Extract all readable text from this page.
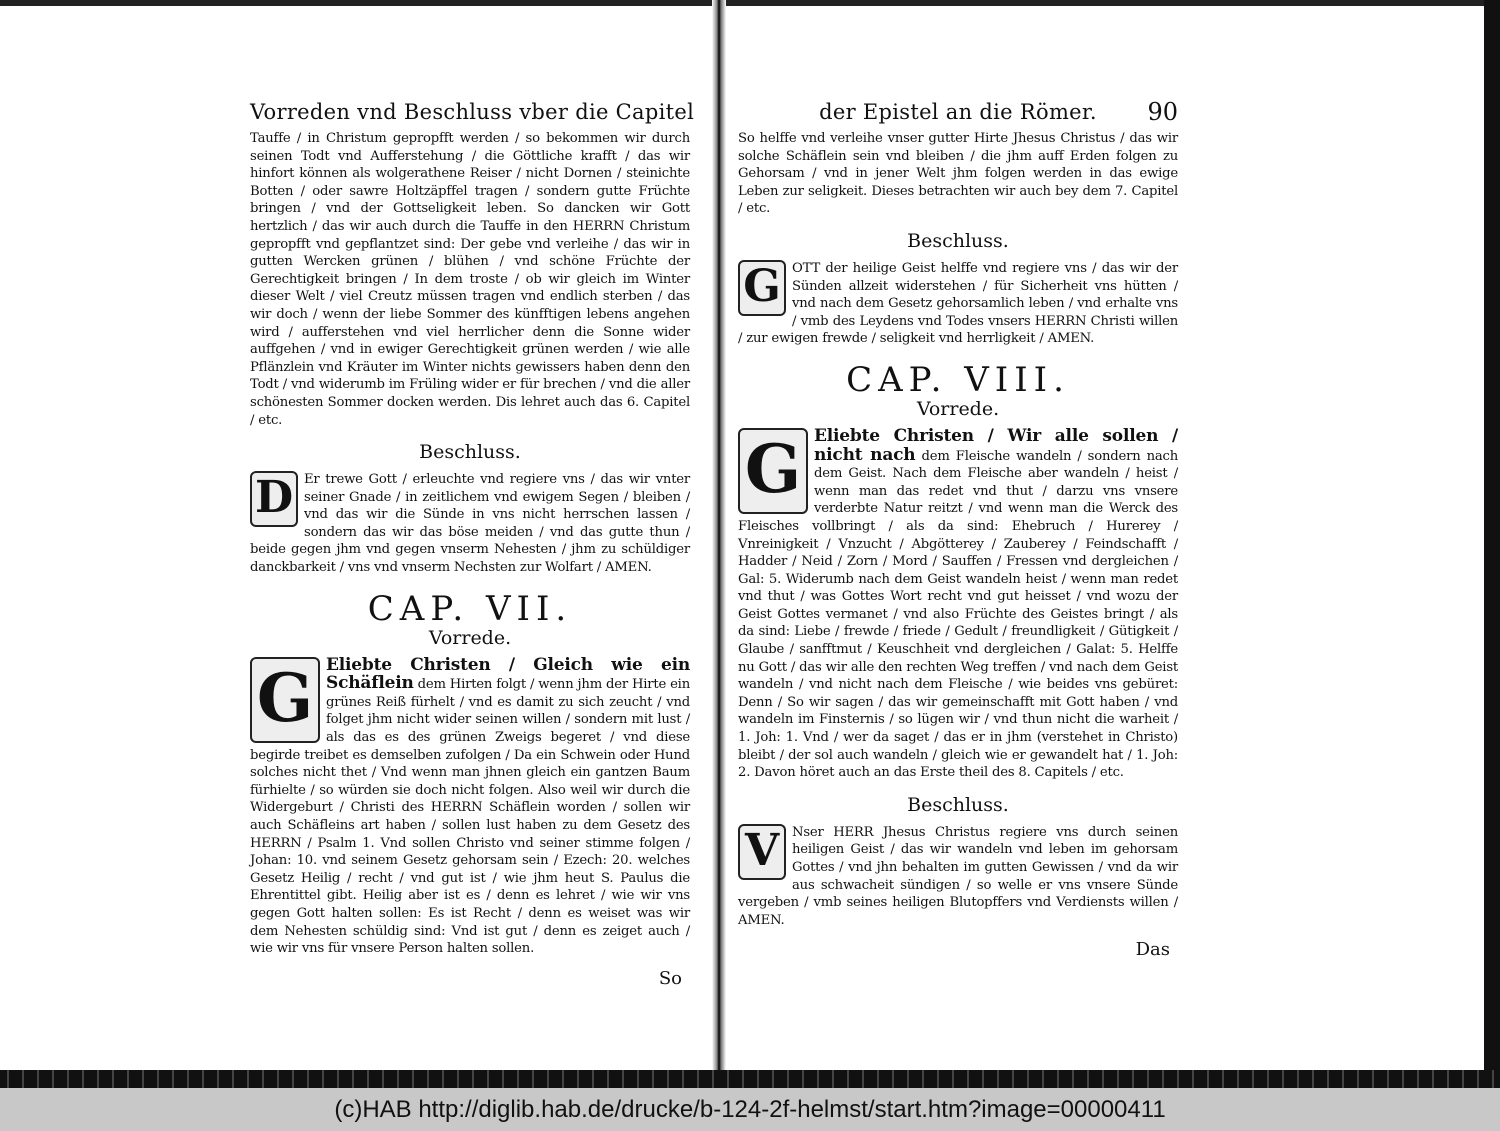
Vorreden vnd Beschluss vber die Capitel

Tauffe / in Christum gepropfft werden / so bekommen wir durch seinen Todt vnd Aufferstehung / die Göttliche krafft / das wir hinfort können als wolgerathene Reiser / nicht Dornen / steinichte Botten / oder sawre Holtzäpffel tragen / sondern gutte Früchte bringen / vnd der Gottseligkeit leben. So dancken wir Gott hertzlich / das wir auch durch die Tauffe in den HERRN Christum gepropfft vnd gepflantzet sind: Der gebe vnd verleihe / das wir in gutten Wercken grünen / blühen / vnd schöne Früchte der Gerechtigkeit bringen / In dem troste / ob wir gleich im Winter dieser Welt / viel Creutz müssen tragen vnd endlich sterben / das wir doch / wenn der liebe Sommer des künfftigen lebens angehen wird / aufferstehen vnd viel herrlicher denn die Sonne wider auffgehen / vnd in ewiger Gerechtigkeit grünen werden / wie alle Pflänzlein vnd Kräuter im Winter nichts gewissers haben denn den Todt / vnd widerumb im Früling wider er für brechen / vnd die aller schönesten Sommer docken werden. Dis lehret auch das 6. Capitel / etc.

Beschluss.

D Er trewe Gott / erleuchte vnd regiere vns / das wir vnter seiner Gnade / in zeitlichem vnd ewigem Segen / bleiben / vnd das wir die Sünde in vns nicht herrschen lassen / sondern das wir das böse meiden / vnd das gutte thun / beide gegen jhm vnd gegen vnserm Nehesten / jhm zu schüldiger danckbarkeit / vns vnd vnserm Nechsten zur Wolfart / AMEN.

CAP. VII.
Vorrede.

G Eliebte Christen / Gleich wie ein Schäflein dem Hirten folgt / wenn jhm der Hirte ein grünes Reiß fürhelt / vnd es damit zu sich zeucht / vnd folget jhm nicht wider seinen willen / sondern mit lust / als das es des grünen Zweigs begeret / vnd diese begirde treibet es demselben zufolgen / Da ein Schwein oder Hund solches nicht thet / Vnd wenn man jhnen gleich ein gantzen Baum fürhielte / so würden sie doch nicht folgen. Also weil wir durch die Widergeburt / Christi des HERRN Schäflein worden / sollen wir auch Schäfleins art haben / sollen lust haben zu dem Gesetz des HERRN / Psalm 1. Vnd sollen Christo vnd seiner stimme folgen / Johan: 10. vnd seinem Gesetz gehorsam sein / Ezech: 20. welches Gesetz Heilig / recht / vnd gut ist / wie jhm heut S. Paulus die Ehrentittel gibt. Heilig aber ist es / denn es lehret / wie wir vns gegen Gott halten sollen: Es ist Recht / denn es weiset was wir dem Nehesten schüldig sind: Vnd ist gut / denn es zeiget auch / wie wir vns für vnsere Person halten sollen.

So
der Epistel an die Römer.	90

So helffe vnd verleihe vnser gutter Hirte Jhesus Christus / das wir solche Schäflein sein vnd bleiben / die jhm auff Erden folgen zu Gehorsam / vnd in jener Welt jhm folgen werden in das ewige Leben zur seligkeit. Dieses betrachten wir auch bey dem 7. Capitel / etc.

Beschluss.

G OTT der heilige Geist helffe vnd regiere vns / das wir der Sünden allzeit widerstehen / für Sicherheit vns hütten / vnd nach dem Gesetz gehorsamlich leben / vnd erhalte vns / vmb des Leydens vnd Todes vnsers HERRN Christi willen / zur ewigen frewde / seligkeit vnd herrligkeit / AMEN.

CAP. VIII.
Vorrede.

G Eliebte Christen / Wir alle sollen / nicht nach dem Fleische wandeln / sondern nach dem Geist. Nach dem Fleische aber wandeln / heist / wenn man das redet vnd thut / darzu vns vnsere verderbte Natur reitzt / vnd wenn man die Werck des Fleisches vollbringt / als da sind: Ehebruch / Hurerey / Vnreinigkeit / Vnzucht / Abgötterey / Zauberey / Feindschafft / Hadder / Neid / Zorn / Mord / Sauffen / Fressen vnd dergleichen / Gal: 5. Widerumb nach dem Geist wandeln heist / wenn man redet vnd thut / was Gottes Wort recht vnd gut heisset / vnd wozu der Geist Gottes vermanet / vnd also Früchte des Geistes bringt / als da sind: Liebe / frewde / friede / Gedult / freundligkeit / Gütigkeit / Glaube / sanfftmut / Keuschheit vnd dergleichen / Galat: 5. Helffe nu Gott / das wir alle den rechten Weg treffen / vnd nach dem Geist wandeln / vnd nicht nach dem Fleische / wie beides vns gebüret: Denn / So wir sagen / das wir gemeinschafft mit Gott haben / vnd wandeln im Finsternis / so lügen wir / vnd thun nicht die warheit / 1. Joh: 1. Vnd / wer da saget / das er in jhm (verstehet in Christo) bleibt / der sol auch wandeln / gleich wie er gewandelt hat / 1. Joh: 2. Davon höret auch an das Erste theil des 8. Capitels / etc.

Beschluss.

V Nser HERR Jhesus Christus regiere vns durch seinen heiligen Geist / das wir wandeln vnd leben im gehorsam Gottes / vnd jhn behalten im gutten Gewissen / vnd da wir aus schwacheit sündigen / so welle er vns vnsere Sünde vergeben / vmb seines heiligen Blutopffers vnd Verdiensts willen / AMEN.

Das
(c)HAB http://diglib.hab.de/drucke/b-124-2f-helmst/start.htm?image=00000411
